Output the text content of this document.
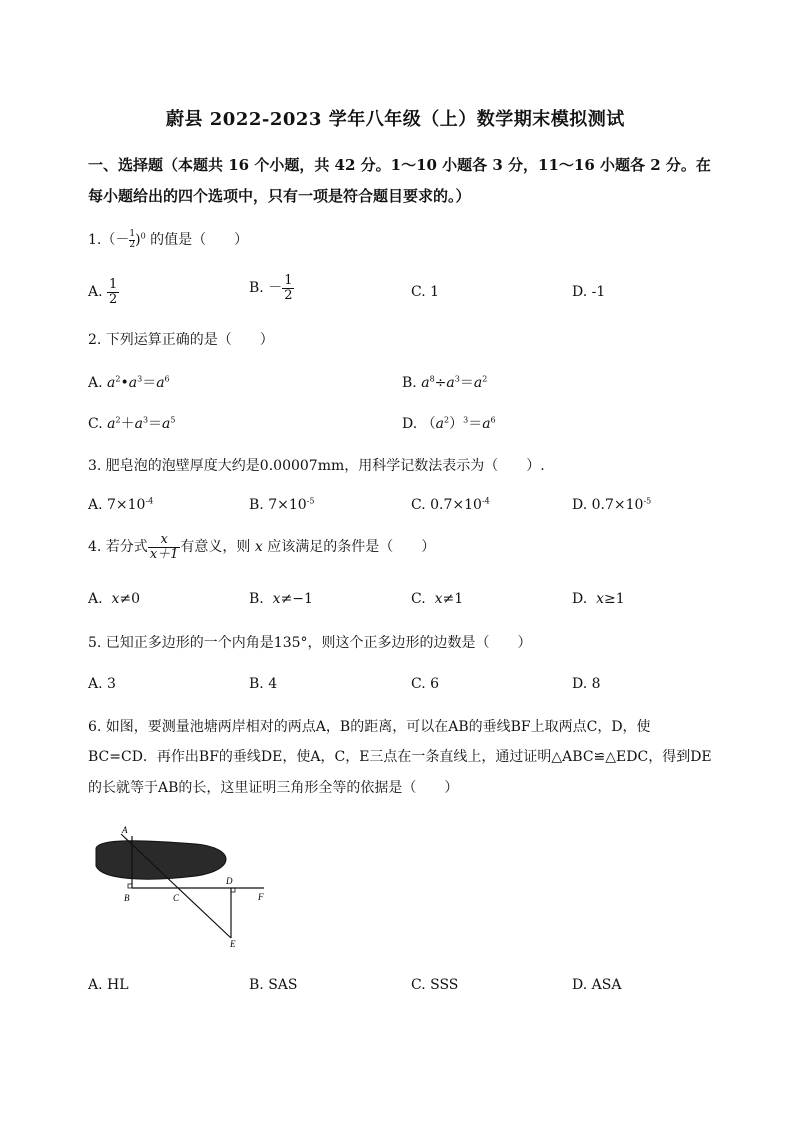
蔚县 2022-2023 学年八年级（上）数学期末模拟测试
一、选择题（本题共 16 个小题，共 42 分。1～10 小题各 3 分，11～16 小题各 2 分。在
每小题给出的四个选项中，只有一项是符合题目要求的。）
$1.(- \frac{1}{2} )^0$ 的值是（　　）
A. $\frac{1}{2}$	B. － $\frac{1}{2}$	C. 1	D. -1
2. 下列运算正确的是（　　）
A. $a^2•a^3=a^6$	B. $a^8\div a^3=a^2$
C. $a^2+a^3=a^5$	D. $(a^2)^3=a^6$
3. 肥皂泡的泡壁厚度大约是0.00007mm，用科学记数法表示为（　　）.
A. $7\times 10^{-4}$	B. $7\times 10^{-5}$	C. $0.7\times 10^{-4}$	D. $0.7\times 10^{-5}$
4. 若分式 $\frac{x}{x+1}$ 有意义，则 x 应该满足的条件是（　　）
A. x≠0	B. x≠−1	C. x≠1	D. x≥1
5. 已知正多边形的一个内角是135°，则这个正多边形的边数是（　　）
A. 3	B. 4	C. 6	D. 8
6. 如图，要测量池塘两岸相对的两点A，B的距离，可以在AB的垂线BF上取两点C，D，使
BC=CD．再作出BF的垂线DE，使A，C，E三点在一条直线上，通过证明△ABC≌△EDC，得到DE
的长就等于AB的长，这里证明三角形全等的依据是（　　）
A
B	C
D
E
F
A. HL	B. SAS	C. SSS	D. ASA
